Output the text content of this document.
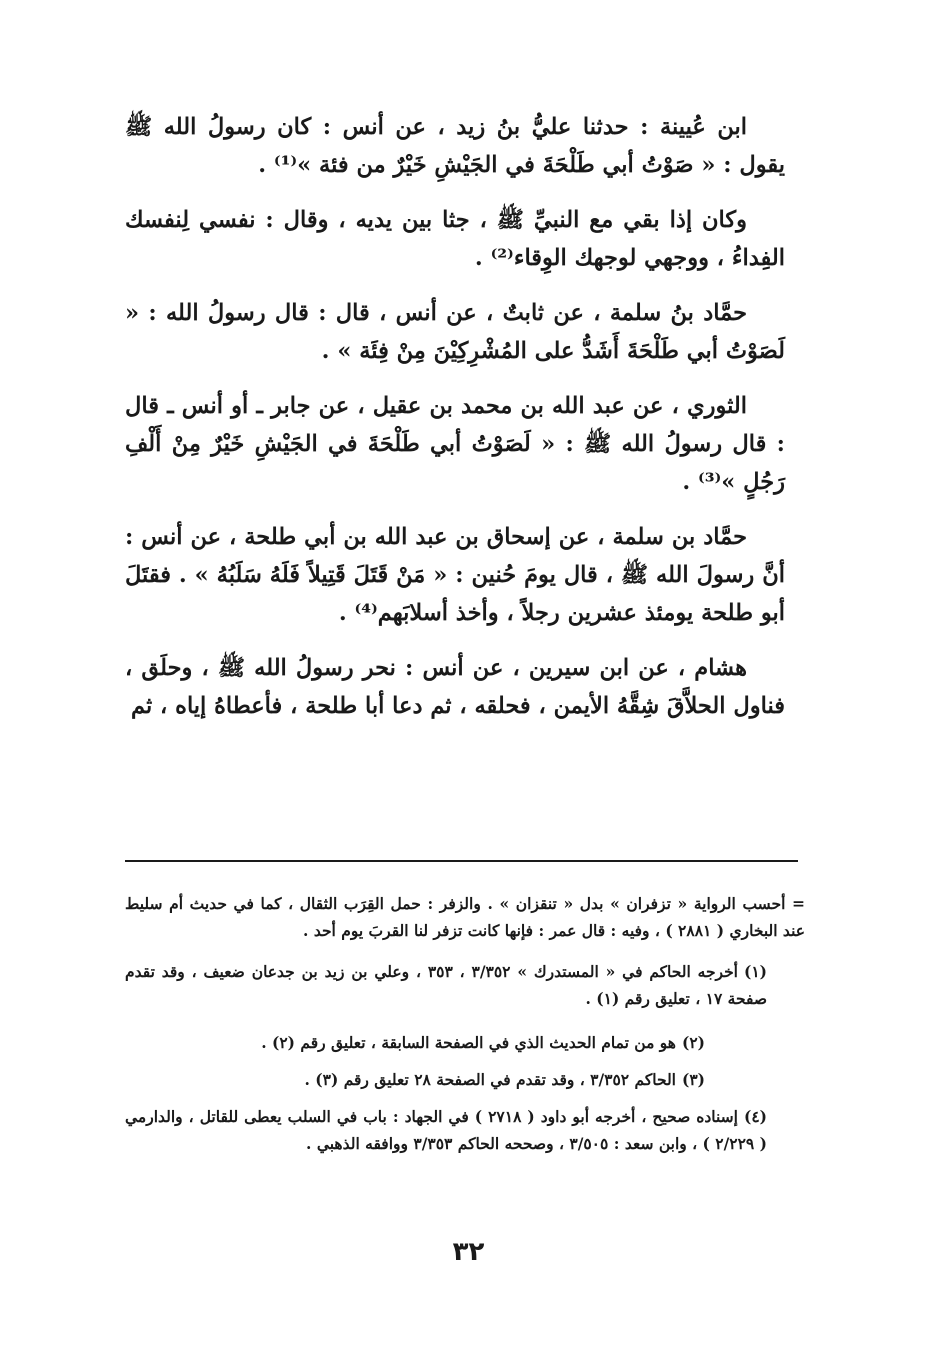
ابن عُيينة : حدثنا عليُّ بنُ زيد ، عن أنس : كان رسولُ الله ﷺ يقول : « صَوْتُ أبي طَلْحَةَ في الجَيْشِ خَيْرٌ من فئة »⁽¹⁾ .

وكان إذا بقي مع النبيِّ ﷺ ، جثا بين يديه ، وقال : نفسي لِنفسك الفِداءُ ، ووجهي لوجهك الوِقاء⁽²⁾ .

حمَّاد بنُ سلمة ، عن ثابتٌ ، عن أنس ، قال : قال رسولُ الله : « لَصَوْتُ أبي طَلْحَةَ أَشَدُّ على المُشْرِكِيْنَ مِنْ فِئَة » .

الثوري ، عن عبد الله بن محمد بن عقيل ، عن جابر ـ أو أنس ـ قال : قال رسولُ الله ﷺ : « لَصَوْتُ أبي طَلْحَةَ في الجَيْشِ خَيْرٌ مِنْ أَلْفِ رَجُلٍ »⁽³⁾ .

حمَّاد بن سلمة ، عن إسحاق بن عبد الله بن أبي طلحة ، عن أنس : أنَّ رسولَ الله ﷺ ، قال يومَ حُنين : « مَنْ قَتَلَ قَتِيلاً فَلَهُ سَلَبُهُ » . فقتَلَ أبو طلحة يومئذ عشرين رجلاً ، وأخذ أسلابَهم⁽⁴⁾ .

هشام ، عن ابن سيرين ، عن أنس : نحر رسولُ الله ﷺ ، وحلَق ، فناول الحلاَّقَ شِقَّهُ الأيمن ، فحلقه ، ثم دعا أبا طلحة ، فأعطاهُ إياه ، ثم

= أحسب الرواية « تزفران » بدل « تنقزان » . والزفر : حمل القِرَب الثقال ، كما في حديث أم سليط عند البخاري ( ٢٨٨١ ) ، وفيه : قال عمر : فإنها كانت تزفر لنا القربَ يوم أحد .
(١)أخرجه الحاكم في « المستدرك » ٣/٣٥٢ ، ٣٥٣ ، وعلي بن زيد بن جدعان ضعيف ، وقد تقدم صفحة ١٧ ، تعليق رقم (١) .
(٢)هو من تمام الحديث الذي في الصفحة السابقة ، تعليق رقم (٢) .
(٣)الحاكم ٣/٣٥٢ ، وقد تقدم في الصفحة ٢٨ تعليق رقم (٣) .
(٤)إسناده صحيح ، أخرجه أبو داود ( ٢٧١٨ ) في الجهاد : باب في السلب يعطى للقاتل ، والدارمي ( ٢/٢٢٩ ) ، وابن سعد : ٣/٥٠٥ ، وصححه الحاكم ٣/٣٥٣ ووافقه الذهبي .
٣٢
